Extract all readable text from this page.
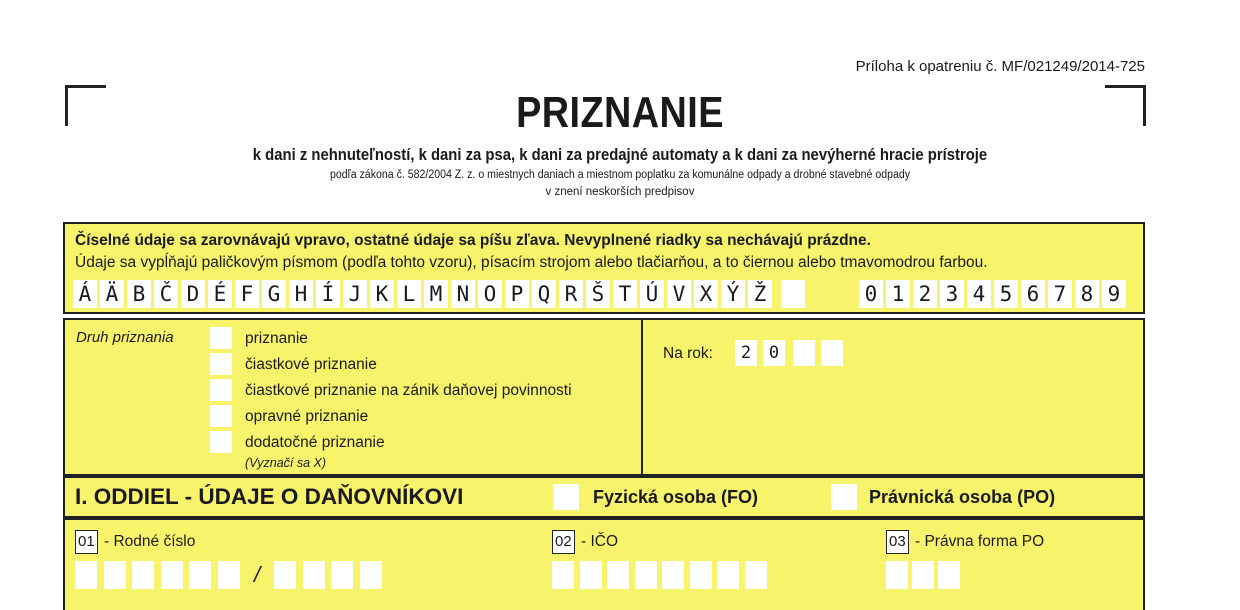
Príloha k opatreniu č. MF/021249/2014-725
PRIZNANIE
k dani z nehnuteľností, k dani za psa, k dani za predajné automaty a k dani za nevýherné hracie prístroje
podľa zákona č. 582/2004 Z. z. o miestnych daniach a miestnom poplatku za komunálne odpady a drobné stavebné odpady
v znení neskorších predpisov
Číselné údaje sa zarovnávajú vpravo, ostatné údaje sa píšu zľava. Nevyplnené riadky sa nechávajú prázdne.
Údaje sa vypĺňajú paličkovým písmom (podľa tohto vzoru), písacím strojom alebo tlačiarňou, a to čiernou alebo tmavomodrou farbou.
Á Ä B Č D É F G H Í J K L M N O P Q R Š T Ú V X Ý Ž	0 1 2 3 4 5 6 7 8 9
Druh priznania	priznanie
čiastkové priznanie
čiastkové priznanie na zánik daňovej povinnosti
opravné priznanie
dodatočné priznanie
(Vyznačí sa X)
Na rok:	2	0
I. ODDIEL - ÚDAJE O DAŇOVNÍKOVI	Fyzická osoba (FO)	Právnická osoba (PO)
01 - Rodné číslo	02 - IČO	03 - Právna forma PO
/
